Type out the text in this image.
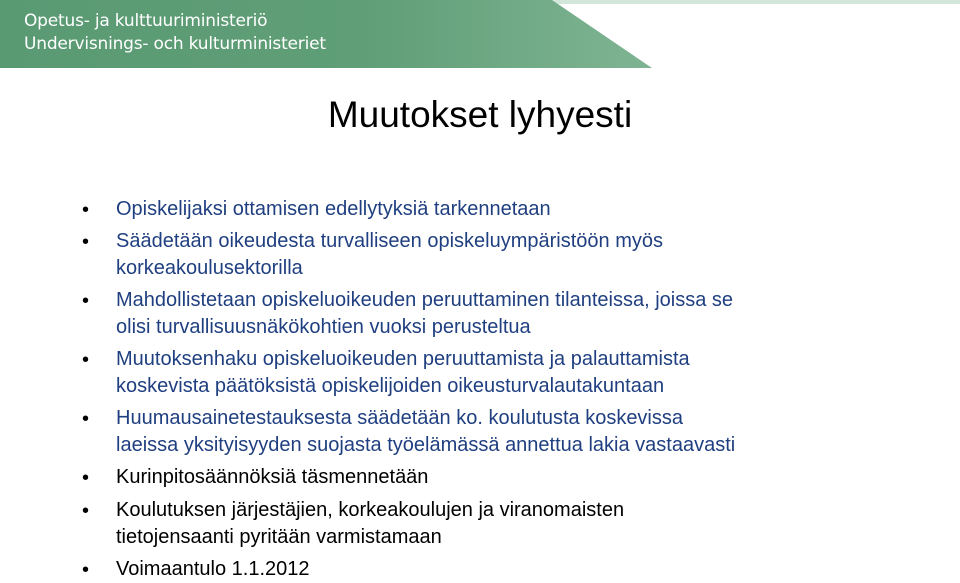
Opetus- ja kulttuuriministeriö
Undervisnings- och kulturministeriet
Muutokset lyhyesti
• Opiskelijaksi ottamisen edellytyksiä tarkennetaan
• Säädetään oikeudesta turvalliseen opiskeluympäristöön myös
korkeakoulusektorilla
• Mahdollistetaan opiskeluoikeuden peruuttaminen tilanteissa, joissa se
olisi turvallisuusnäkökohtien vuoksi perusteltua
• Muutoksenhaku opiskeluoikeuden peruuttamista ja palauttamista
koskevista päätöksistä opiskelijoiden oikeusturvalautakuntaan
• Huumausainetestauksesta säädetään ko. koulutusta koskevissa
laeissa yksityisyyden suojasta työelämässä annettua lakia vastaavasti
• Kurinpitosäännöksiä täsmennetään
• Koulutuksen järjestäjien, korkeakoulujen ja viranomaisten
tietojensaanti pyritään varmistamaan
• Voimaantulo 1.1.2012
